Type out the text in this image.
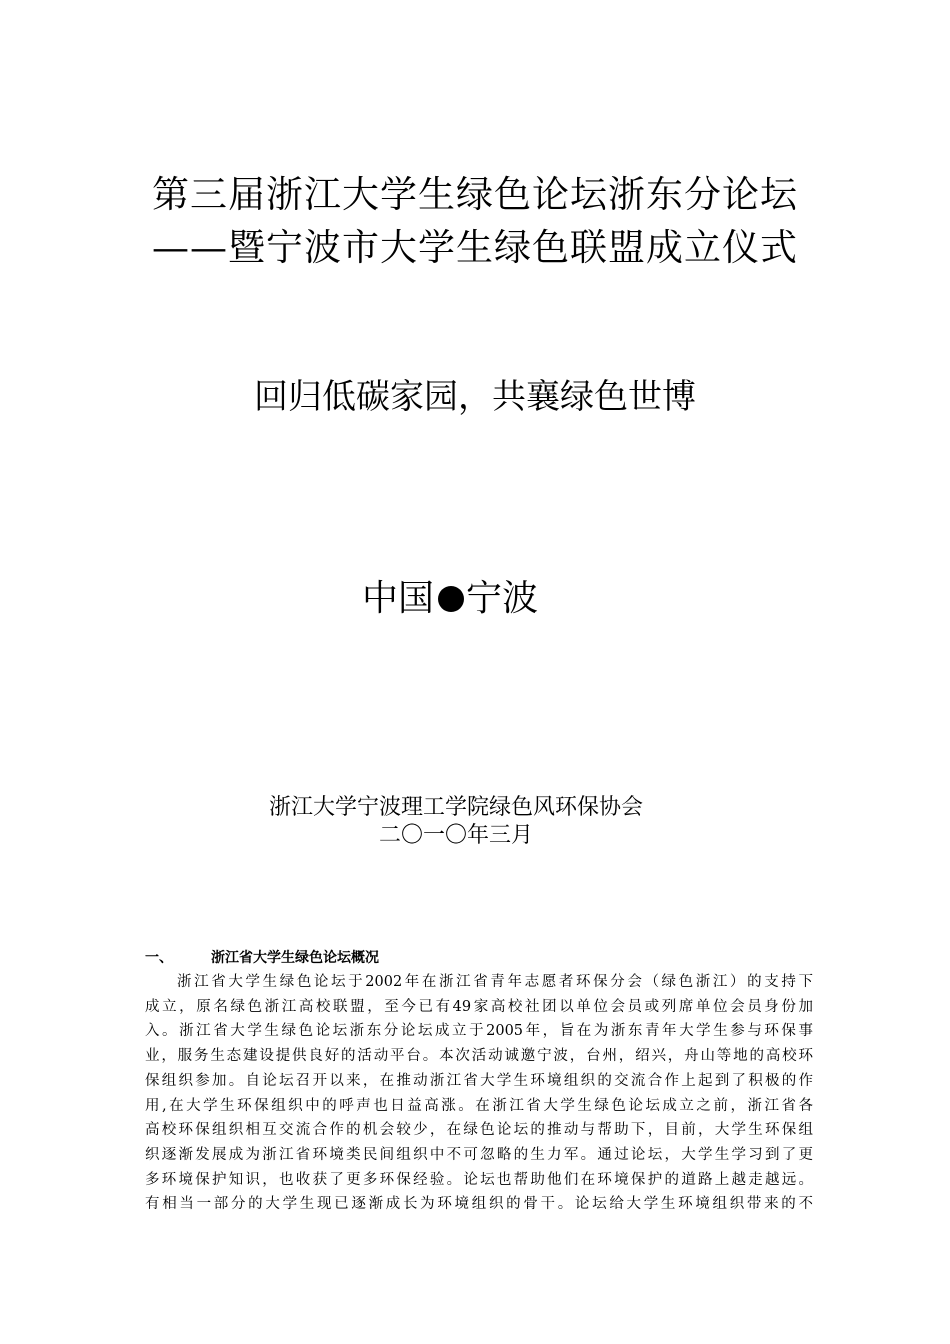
第三届浙江大学生绿色论坛浙东分论坛
——暨宁波市大学生绿色联盟成立仪式
回归低碳家园，共襄绿色世博
中国 宁波
浙江大学宁波理工学院绿色风环保协会
二〇一〇年三月
一、	浙江省大学生绿色论坛概况
浙江省大学生绿色论坛于2002年在浙江省青年志愿者环保分会（绿色浙江）的支持下
成立，原名绿色浙江高校联盟，至今已有49家高校社团以单位会员或列席单位会员身份加
入。浙江省大学生绿色论坛浙东分论坛成立于2005年，旨在为浙东青年大学生参与环保事
业，服务生态建设提供良好的活动平台。本次活动诚邀宁波，台州，绍兴，舟山等地的高校环
保组织参加。自论坛召开以来，在推动浙江省大学生环境组织的交流合作上起到了积极的作
用,在大学生环保组织中的呼声也日益高涨。在浙江省大学生绿色论坛成立之前，浙江省各
高校环保组织相互交流合作的机会较少，在绿色论坛的推动与帮助下，目前，大学生环保组
织逐渐发展成为浙江省环境类民间组织中不可忽略的生力军。通过论坛，大学生学习到了更
多环境保护知识，也收获了更多环保经验。论坛也帮助他们在环境保护的道路上越走越远。
有相当一部分的大学生现已逐渐成长为环境组织的骨干。论坛给大学生环境组织带来的不
